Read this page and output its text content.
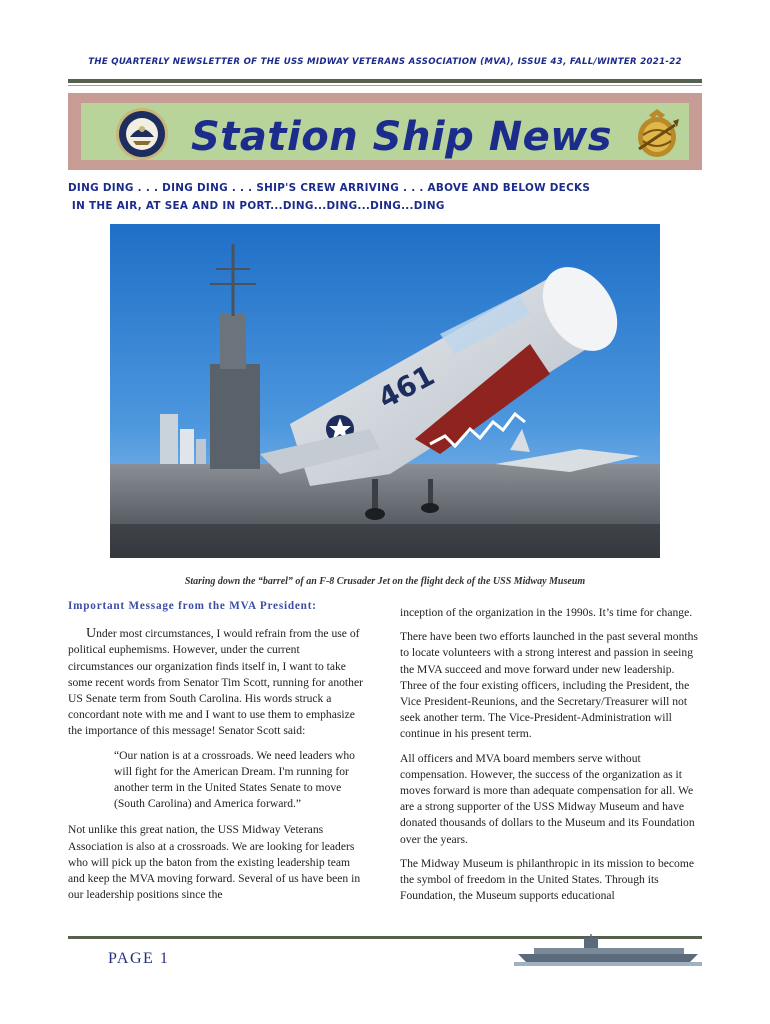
THE QUARTERLY NEWSLETTER OF THE USS MIDWAY VETERANS ASSOCIATION (MVA), ISSUE 43, FALL/WINTER 2021-22
Station Ship News
DING DING . . . DING DING . . . SHIP'S CREW ARRIVING . . . ABOVE AND BELOW DECKS
IN THE AIR, AT SEA AND IN PORT...DING...DING...DING...DING
461
Staring down the “barrel” of an F-8 Crusader Jet on the flight deck of the USS Midway Museum
Important Message from the MVA President:

Under most circumstances, I would refrain from the use of political euphemisms. However, under the current circumstances our organization finds itself in, I want to take some recent words from Senator Tim Scott, running for another US Senate term from South Carolina. His words struck a concordant note with me and I want to use them to emphasize the importance of this message! Senator Scott said:

“Our nation is at a crossroads. We need leaders who will fight for the American Dream. I'm running for another term in the United States Senate to move (South Carolina) and America forward.”

Not unlike this great nation, the USS Midway Veterans Association is also at a crossroads. We are looking for leaders who will pick up the baton from the existing leadership team and keep the MVA moving forward. Several of us have been in our leadership positions since the

inception of the organization in the 1990s. It’s time for change.

There have been two efforts launched in the past several months to locate volunteers with a strong interest and passion in seeing the MVA succeed and move forward under new leadership. Three of the four existing officers, including the President, the Vice President-Reunions, and the Secretary/Treasurer will not seek another term. The Vice-President-Administration will continue in his present term.

All officers and MVA board members serve without compensation. However, the success of the organization as it moves forward is more than adequate compensation for all. We are a strong supporter of the USS Midway Museum and have donated thousands of dollars to the Museum and its Foundation over the years.

The Midway Museum is philanthropic in its mission to become the symbol of freedom in the United States. Through its Foundation, the Museum supports educational

PAGE 1
